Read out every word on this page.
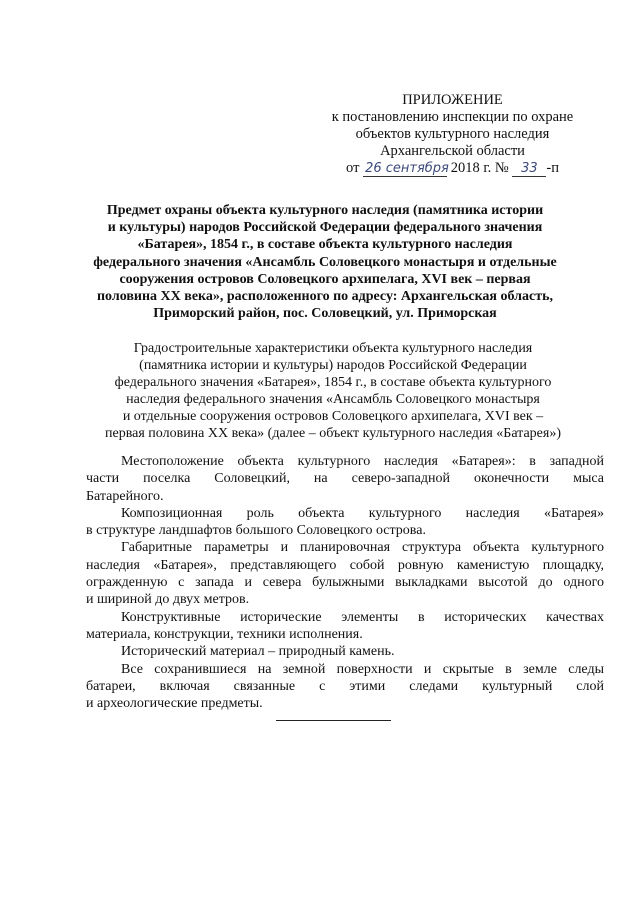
ПРИЛОЖЕНИЕ
к постановлению инспекции по охране
объектов культурного наследия
Архангельской области
от 26 сентября 2018 г. № 33 -п
Предмет охраны объекта культурного наследия (памятника истории
и культуры) народов Российской Федерации федерального значения
«Батарея», 1854 г., в составе объекта культурного наследия
федерального значения «Ансамбль Соловецкого монастыря и отдельные
сооружения островов Соловецкого архипелага, XVI век – первая
половина XX века», расположенного по адресу: Архангельская область,
Приморский район, пос. Соловецкий, ул. Приморская
Градостроительные характеристики объекта культурного наследия
(памятника истории и культуры) народов Российской Федерации
федерального значения «Батарея», 1854 г., в составе объекта культурного
наследия федерального значения «Ансамбль Соловецкого монастыря
и отдельные сооружения островов Соловецкого архипелага, XVI век –
первая половина XX века» (далее – объект культурного наследия «Батарея»)
Местоположение объекта культурного наследия «Батарея»: в западной
части поселка Соловецкий, на северо-западной оконечности мыса
Батарейного.
Композиционная роль объекта культурного наследия «Батарея»
в структуре ландшафтов большого Соловецкого острова.
Габаритные параметры и планировочная структура объекта культурного
наследия «Батарея», представляющего собой ровную каменистую площадку,
огражденную с запада и севера булыжными выкладками высотой до одного
и шириной до двух метров.
Конструктивные исторические элементы в исторических качествах
материала, конструкции, техники исполнения.
Исторический материал – природный камень.
Все сохранившиеся на земной поверхности и скрытые в земле следы
батареи, включая связанные с этими следами культурный слой
и археологические предметы.
